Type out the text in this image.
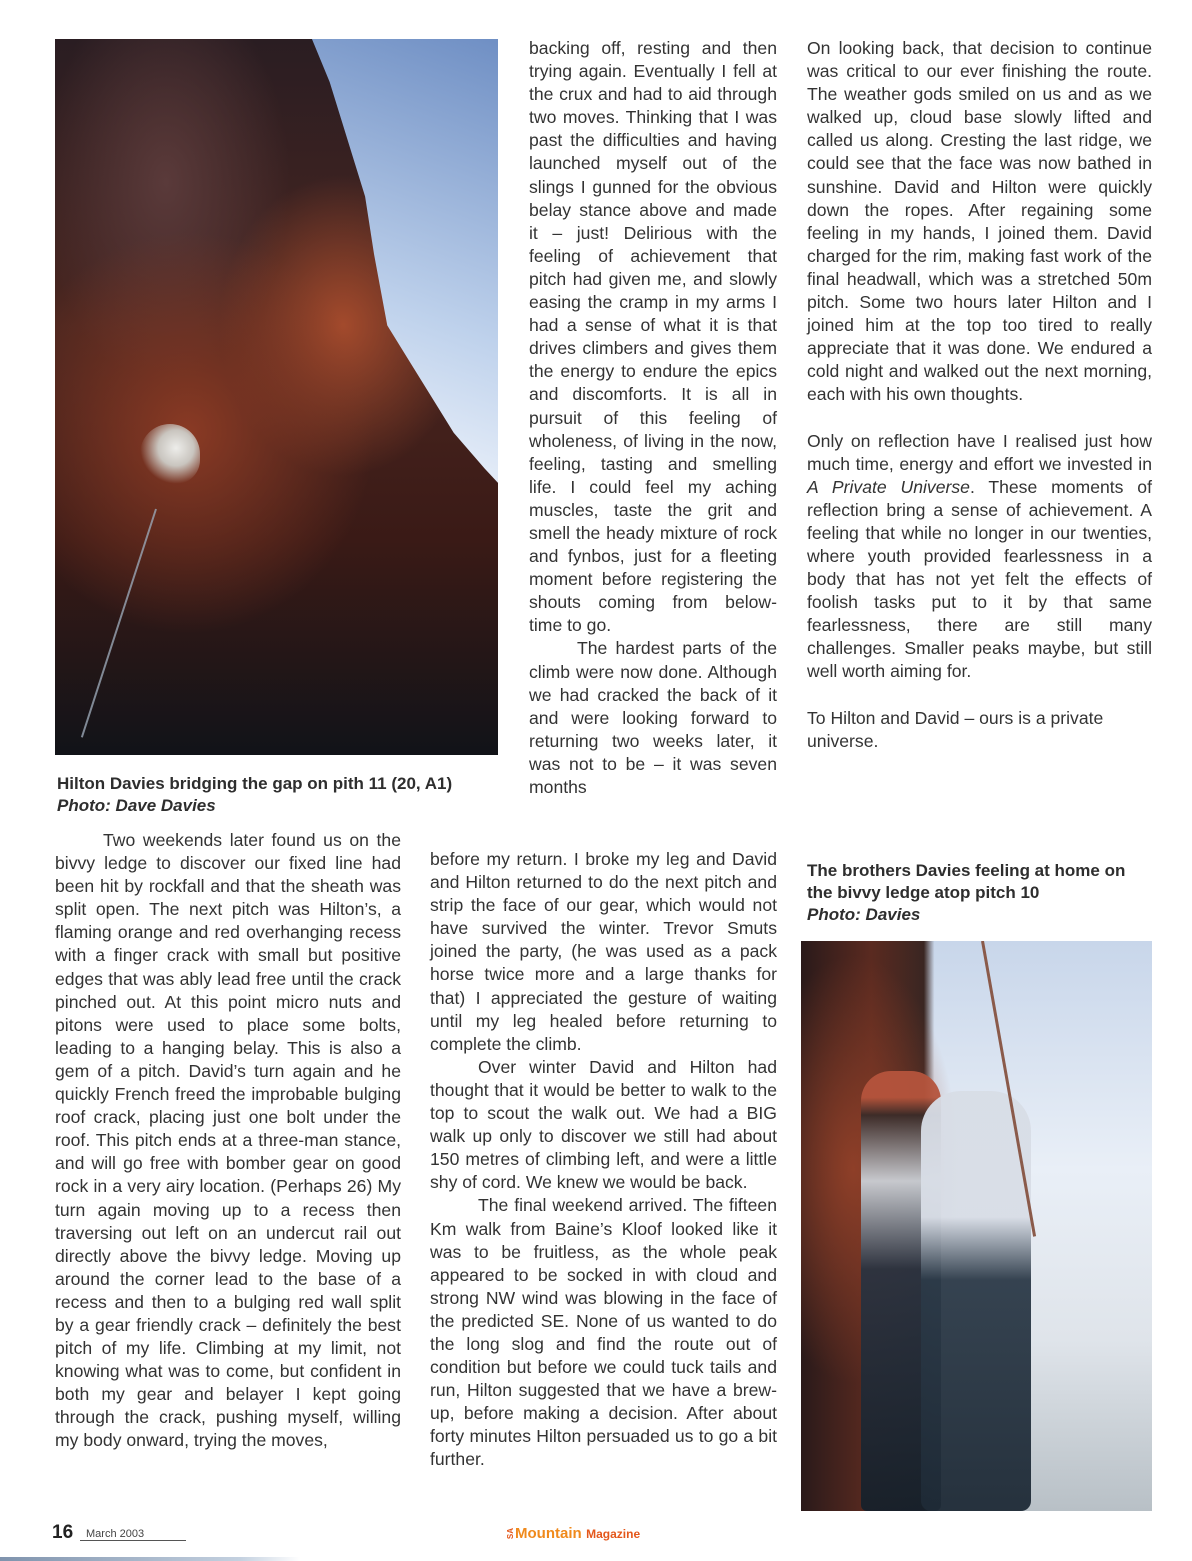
Hilton Davies bridging the gap on pith 11 (20, A1)
Photo: Dave Davies

backing off, resting and then trying again. Eventually I fell at the crux and had to aid through two moves. Thinking that I was past the difficulties and having launched myself out of the slings I gunned for the obvious belay stance above and made it – just! Delirious with the feeling of achievement that pitch had given me, and slowly easing the cramp in my arms I had a sense of what it is that drives climbers and gives them the energy to endure the epics and discomforts. It is all in pursuit of this feeling of wholeness, of living in the now, feeling, tasting and smelling life. I could feel my aching muscles, taste the grit and smell the heady mixture of rock and fynbos, just for a fleeting moment before registering the shouts coming from below- time to go.

The hardest parts of the climb were now done. Although we had cracked the back of it and were looking forward to returning two weeks later, it was not to be – it was seven months

before my return. I broke my leg and David and Hilton returned to do the next pitch and strip the face of our gear, which would not have survived the winter. Trevor Smuts joined the party, (he was used as a pack horse twice more and a large thanks for that) I appreciated the gesture of waiting until my leg healed before returning to complete the climb.

Over winter David and Hilton had thought that it would be better to walk to the top to scout the walk out. We had a BIG walk up only to discover we still had about 150 metres of climbing left, and were a little shy of cord. We knew we would be back.

The final weekend arrived. The fifteen Km walk from Baine’s Kloof looked like it was to be fruitless, as the whole peak appeared to be socked in with cloud and strong NW wind was blowing in the face of the predicted SE. None of us wanted to do the long slog and find the route out of condition but before we could tuck tails and run, Hilton suggested that we have a brew-up, before making a decision. After about forty minutes Hilton persuaded us to go a bit further.

Two weekends later found us on the bivvy ledge to discover our fixed line had been hit by rockfall and that the sheath was split open. The next pitch was Hilton’s, a flaming orange and red overhanging recess with a finger crack with small but positive edges that was ably lead free until the crack pinched out. At this point micro nuts and pitons were used to place some bolts, leading to a hanging belay. This is also a gem of a pitch. David’s turn again and he quickly French freed the improbable bulging roof crack, placing just one bolt under the roof. This pitch ends at a three-man stance, and will go free with bomber gear on good rock in a very airy location. (Perhaps 26) My turn again moving up to a recess then traversing out left on an undercut rail out directly above the bivvy ledge. Moving up around the corner lead to the base of a recess and then to a bulging red wall split by a gear friendly crack – definitely the best pitch of my life. Climbing at my limit, not knowing what was to come, but confident in both my gear and belayer I kept going through the crack, pushing myself, willing my body onward, trying the moves,

On looking back, that decision to continue was critical to our ever finishing the route. The weather gods smiled on us and as we walked up, cloud base slowly lifted and called us along. Cresting the last ridge, we could see that the face was now bathed in sunshine. David and Hilton were quickly down the ropes. After regaining some feeling in my hands, I joined them. David charged for the rim, making fast work of the final headwall, which was a stretched 50m pitch. Some two hours later Hilton and I joined him at the top too tired to really appreciate that it was done. We endured a cold night and walked out the next morning, each with his own thoughts.

Only on reflection have I realised just how much time, energy and effort we invested in A Private Universe. These moments of reflection bring a sense of achievement. A feeling that while no longer in our twenties, where youth provided fearlessness in a body that has not yet felt the effects of foolish tasks put to it by that same fearlessness, there are still many challenges. Smaller peaks maybe, but still well worth aiming for.

To Hilton and David – ours is a private universe.

The brothers Davies feeling at home on the bivvy ledge atop pitch 10
Photo: Davies
16	March 2003	SAMountain Magazine
